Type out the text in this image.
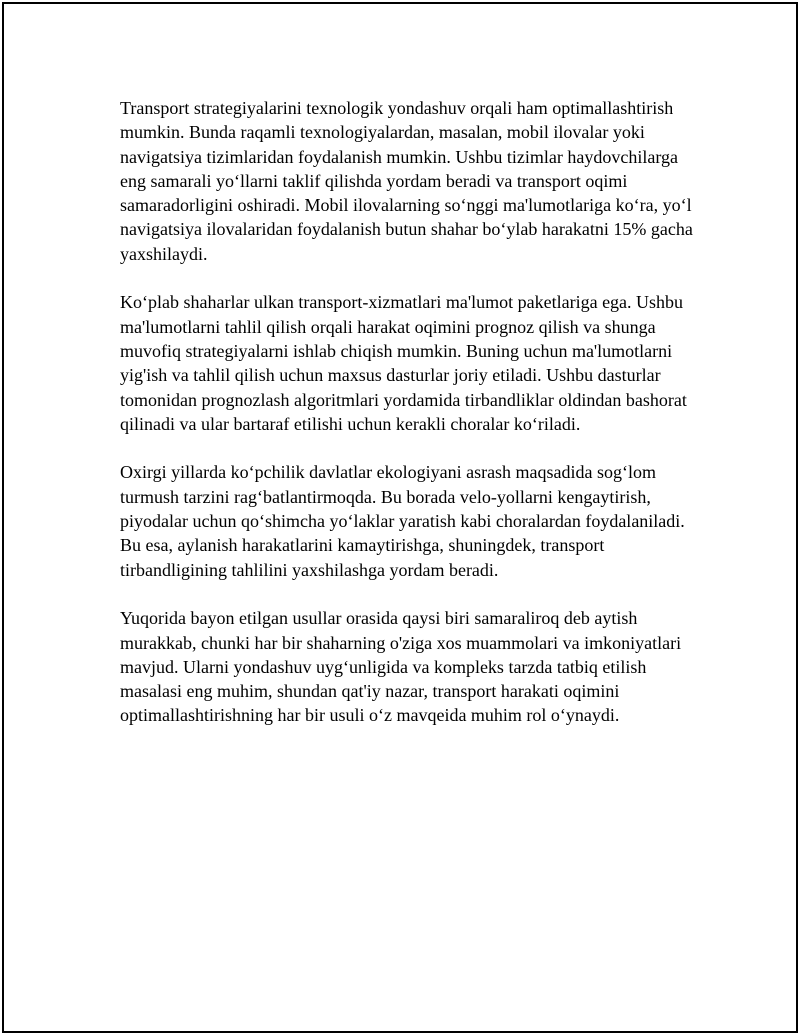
Transport strategiyalarini texnologik yondashuv orqali ham optimallashtirish mumkin. Bunda raqamli texnologiyalardan, masalan, mobil ilovalar yoki navigatsiya tizimlaridan foydalanish mumkin. Ushbu tizimlar haydovchilarga eng samarali yo‘llarni taklif qilishda yordam beradi va transport oqimi samaradorligini oshiradi. Mobil ilovalarning so‘nggi ma'lumotlariga ko‘ra, yo‘l navigatsiya ilovalaridan foydalanish butun shahar bo‘ylab harakatni 15% gacha yaxshilaydi.

Ko‘plab shaharlar ulkan transport-xizmatlari ma'lumot paketlariga ega. Ushbu ma'lumotlarni tahlil qilish orqali harakat oqimini prognoz qilish va shunga muvofiq strategiyalarni ishlab chiqish mumkin. Buning uchun ma'lumotlarni yig'ish va tahlil qilish uchun maxsus dasturlar joriy etiladi. Ushbu dasturlar tomonidan prognozlash algoritmlari yordamida tirbandliklar oldindan bashorat qilinadi va ular bartaraf etilishi uchun kerakli choralar ko‘riladi.

Oxirgi yillarda ko‘pchilik davlatlar ekologiyani asrash maqsadida sog‘lom turmush tarzini rag‘batlantirmoqda. Bu borada velo-yollarni kengaytirish, piyodalar uchun qo‘shimcha yo‘laklar yaratish kabi choralardan foydalaniladi. Bu esa, aylanish harakatlarini kamaytirishga, shuningdek, transport tirbandligining tahlilini yaxshilashga yordam beradi.

Yuqorida bayon etilgan usullar orasida qaysi biri samaraliroq deb aytish murakkab, chunki har bir shaharning o'ziga xos muammolari va imkoniyatlari mavjud. Ularni yondashuv uyg‘unligida va kompleks tarzda tatbiq etilish masalasi eng muhim, shundan qat'iy nazar, transport harakati oqimini optimallashtirishning har bir usuli o‘z mavqeida muhim rol o‘ynaydi.
